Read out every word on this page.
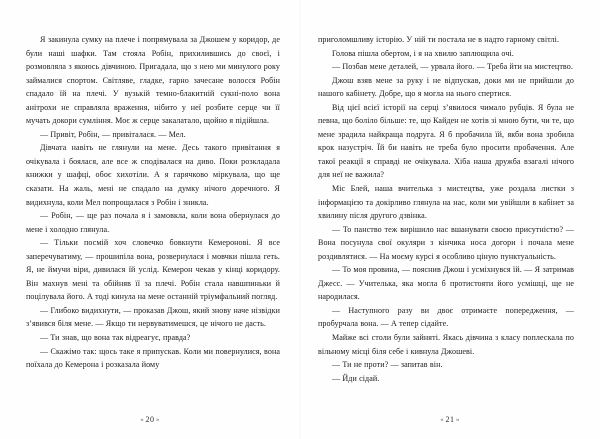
Я закинула сумку на плече і попрямувала за Джошем у коридор, де були наші шафки. Там стояла Робін, прихилившись до своєї, і розмовляла з якоюсь дівчиною. Пригадала, що з нею ми минулого року займалися спортом. Світляве, гладке, гарно зачесане волосся Робін спадало їй на плечі. У вузькій темно-блакитній сукні-поло вона анітрохи не справляла враження, нібито у неї розбите серце чи її мучать докори сумління. Моє ж серце закалатало, щойно я підійшла.

— Привіт, Робін, — привіталася. — Мел.

Дівчата навіть не глянули на мене. Десь такого привітання я очікувала і боялася, але все ж сподівалася на диво. Поки розкладала книжки у шафці, обоє хихотіли. А я гарячково міркувала, що ще сказати. На жаль, мені не спадало на думку нічого доречного. Я видихнула, коли Мел попрощалася з Робін і зникла.

— Робін, — ще раз почала я і замовкла, коли вона обернулася до мене і холодно глянула.

— Тільки посмій хоч словечко бовкнути Кемеронові. Я все заперечуватиму, — прошипіла вона, розвернулася і мовчки пішла геть. Я, не ймучи віри, дивилася їй услід. Кемерон чекав у кінці коридору. Він махнув мені та обійняв її за плечі. Робін стала навшпиньки й поцілувала його. А тоді кинула на мене останній тріумфальний погляд.

— Глибоко видихнути, — проказав Джош, який знову наче нізвідки з’явився біля мене. — Якщо ти нервуватимешся, це нічого не дасть.

— Ти знав, що вона так відреагує, правда?

— Скажімо так: щось таке я припускав. Коли ми повернулися, вона поїхала до Кемерона і розказала йому

« 20 »

приголомшливу історію. У ній ти постала не в надто гарному світлі.

Голова пішла обертом, і я на хвилю заплющила очі.

— Позбав мене деталей, — урвала його. — Треба йти на мистецтво.

Джош взяв мене за руку і не відпускав, доки ми не прийшли до нашого кабінету. Добре, що я могла на нього спертися.

Від цієї всієї історії на серці з’явилося чимало рубців. Я була не певна, що боліло більше: те, що Кайден не хотів зі мною бути, чи те, що мене зрадила найкраща подруга. Я б пробачила їй, якби вона зробила крок назустріч. Їй би навіть не треба було просити пробачення. Але такої реакції я справді не очікувала. Хіба наша дружба взагалі нічого для неї не важила?

Міс Блей, наша вчителька з мистецтва, уже роздала листки з інформацією та докірливо глянула на нас, коли ми увійшли в кабінет за хвилину після другого дзвінка.

— То панство теж вирішило нас вшанувати своєю присутністю? — Вона посунула свої окуляри з кінчика носа догори і почала мене роздивлятися. — На моєму курсі я особливо ціную пунктуальність.

— То моя провина, — пояснив Джош і усміхнувся їй. — Я затримав Джесс. — Учителька, яка могла б протистояти його усмішці, ще не народилася.

— Наступного разу ви двоє отримаєте попередження, — пробурчала вона. — А тепер сідайте.

Майже всі столи були зайняті. Якась дівчина з класу поплескала по вільному місці біля себе і кивнула Джошеві.

— Ти не проти? — запитав він.

— Йди сідай.

« 21 »
